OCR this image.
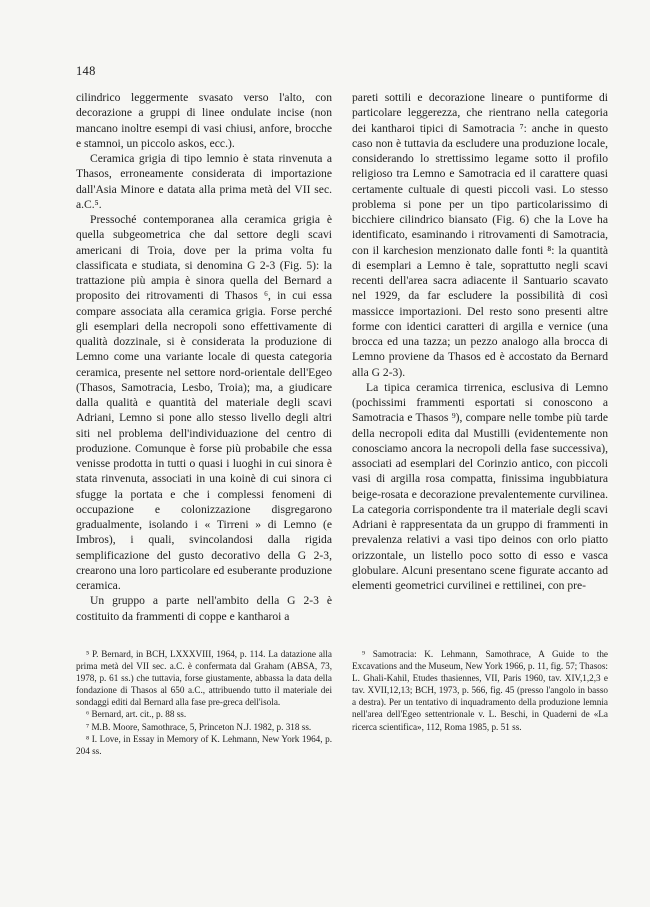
148

cilindrico leggermente svasato verso l'alto, con decorazione a gruppi di linee ondulate incise (non mancano inoltre esempi di vasi chiusi, anfore, brocche e stamnoi, un piccolo askos, ecc.).

Ceramica grigia di tipo lemnio è stata rinvenuta a Thasos, erroneamente considerata di importazione dall'Asia Minore e datata alla prima metà del VII sec. a.C.⁵.

Pressoché contemporanea alla ceramica grigia è quella subgeometrica che dal settore degli scavi americani di Troia, dove per la prima volta fu classificata e studiata, si denomina G 2-3 (Fig. 5): la trattazione più ampia è sinora quella del Bernard a proposito dei ritrovamenti di Thasos ⁶, in cui essa compare associata alla ceramica grigia. Forse perché gli esemplari della necropoli sono effettivamente di qualità dozzinale, si è considerata la produzione di Lemno come una variante locale di questa categoria ceramica, presente nel settore nord-orientale dell'Egeo (Thasos, Samotracia, Lesbo, Troia); ma, a giudicare dalla qualità e quantità del materiale degli scavi Adriani, Lemno si pone allo stesso livello degli altri siti nel problema dell'individuazione del centro di produzione. Comunque è forse più probabile che essa venisse prodotta in tutti o quasi i luoghi in cui sinora è stata rinvenuta, associati in una koinè di cui sinora ci sfugge la portata e che i complessi fenomeni di occupazione e colonizzazione disgregarono gradualmente, isolando i « Tirreni » di Lemno (e Imbros), i quali, svincolandosi dalla rigida semplificazione del gusto decorativo della G 2-3, crearono una loro particolare ed esuberante produzione ceramica.

Un gruppo a parte nell'ambito della G 2-3 è costituito da frammenti di coppe e kantharoi a

pareti sottili e decorazione lineare o puntiforme di particolare leggerezza, che rientrano nella categoria dei kantharoi tipici di Samotracia ⁷: anche in questo caso non è tuttavia da escludere una produzione locale, considerando lo strettissimo legame sotto il profilo religioso tra Lemno e Samotracia ed il carattere quasi certamente cultuale di questi piccoli vasi. Lo stesso problema si pone per un tipo particolarissimo di bicchiere cilindrico biansato (Fig. 6) che la Love ha identificato, esaminando i ritrovamenti di Samotracia, con il karchesion menzionato dalle fonti ⁸: la quantità di esemplari a Lemno è tale, soprattutto negli scavi recenti dell'area sacra adiacente il Santuario scavato nel 1929, da far escludere la possibilità di così massicce importazioni. Del resto sono presenti altre forme con identici caratteri di argilla e vernice (una brocca ed una tazza; un pezzo analogo alla brocca di Lemno proviene da Thasos ed è accostato da Bernard alla G 2-3).

La tipica ceramica tirrenica, esclusiva di Lemno (pochissimi frammenti esportati si conoscono a Samotracia e Thasos ⁹), compare nelle tombe più tarde della necropoli edita dal Mustilli (evidentemente non conosciamo ancora la necropoli della fase successiva), associati ad esemplari del Corinzio antico, con piccoli vasi di argilla rosa compatta, finissima ingubbiatura beige-rosata e decorazione prevalentemente curvilinea. La categoria corrispondente tra il materiale degli scavi Adriani è rappresentata da un gruppo di frammenti in prevalenza relativi a vasi tipo deinos con orlo piatto orizzontale, un listello poco sotto di esso e vasca globulare. Alcuni presentano scene figurate accanto ad elementi geometrici curvilinei e rettilinei, con pre-

⁵ P. Bernard, in BCH, LXXXVIII, 1964, p. 114. La datazione alla prima metà del VII sec. a.C. è confermata dal Graham (ABSA, 73, 1978, p. 61 ss.) che tuttavia, forse giustamente, abbassa la data della fondazione di Thasos al 650 a.C., attribuendo tutto il materiale dei sondaggi editi dal Bernard alla fase pre-greca dell'isola.

⁶ Bernard, art. cit., p. 88 ss.

⁷ M.B. Moore, Samothrace, 5, Princeton N.J. 1982, p. 318 ss.

⁸ I. Love, in Essay in Memory of K. Lehmann, New York 1964, p. 204 ss.

⁹ Samotracia: K. Lehmann, Samothrace, A Guide to the Excavations and the Museum, New York 1966, p. 11, fig. 57; Thasos: L. Ghali-Kahil, Etudes thasiennes, VII, Paris 1960, tav. XIV,1,2,3 e tav. XVII,12,13; BCH, 1973, p. 566, fig. 45 (presso l'angolo in basso a destra). Per un tentativo di inquadramento della produzione lemnia nell'area dell'Egeo settentrionale v. L. Beschi, in Quaderni de «La ricerca scientifica», 112, Roma 1985, p. 51 ss.
